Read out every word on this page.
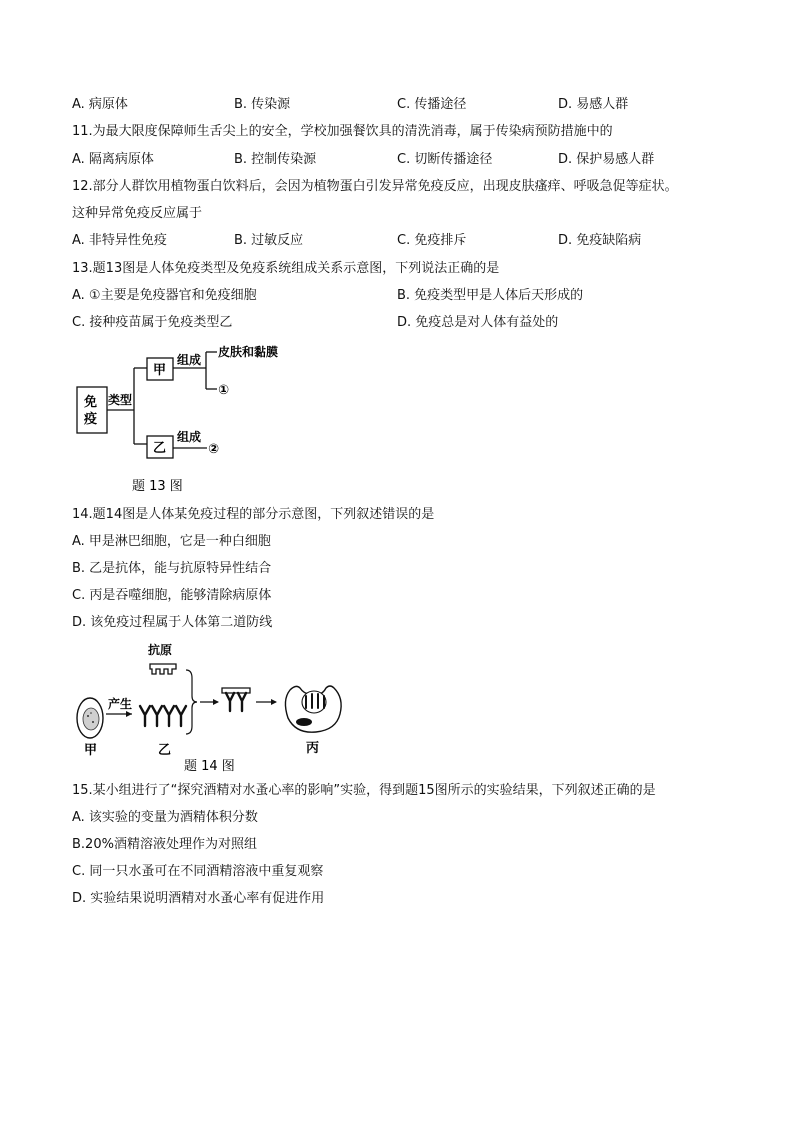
A. 病原体	B. 传染源	C. 传播途径	D. 易感人群
11.为最大限度保障师生舌尖上的安全，学校加强餐饮具的清洗消毒，属于传染病预防措施中的
A. 隔离病原体	B. 控制传染源	C. 切断传播途径	D. 保护易感人群
12.部分人群饮用植物蛋白饮料后，会因为植物蛋白引发异常免疫反应，出现皮肤瘙痒、呼吸急促等症状。
这种异常免疫反应属于
A. 非特异性免疫	B. 过敏反应	C. 免疫排斥	D. 免疫缺陷病
13.题13图是人体免疫类型及免疫系统组成关系示意图，下列说法正确的是
A. ①主要是免疫器官和免疫细胞	B. 免疫类型甲是人体后天形成的
C. 接种疫苗属于免疫类型乙	D. 免疫总是对人体有益处的
免
疫
类型
甲
乙
组成
组成
皮肤和黏膜
①
②
题 13 图
14.题14图是人体某免疫过程的部分示意图，下列叙述错误的是
A. 甲是淋巴细胞，它是一种白细胞
B. 乙是抗体，能与抗原特异性结合
C. 丙是吞噬细胞，能够清除病原体
D. 该免疫过程属于人体第二道防线
抗原
甲
产生
乙	丙
题 14 图
15.某小组进行了“探究酒精对水蚤心率的影响”实验，得到题15图所示的实验结果，下列叙述正确的是
A. 该实验的变量为酒精体积分数
B.20%酒精溶液处理作为对照组
C. 同一只水蚤可在不同酒精溶液中重复观察
D. 实验结果说明酒精对水蚤心率有促进作用
